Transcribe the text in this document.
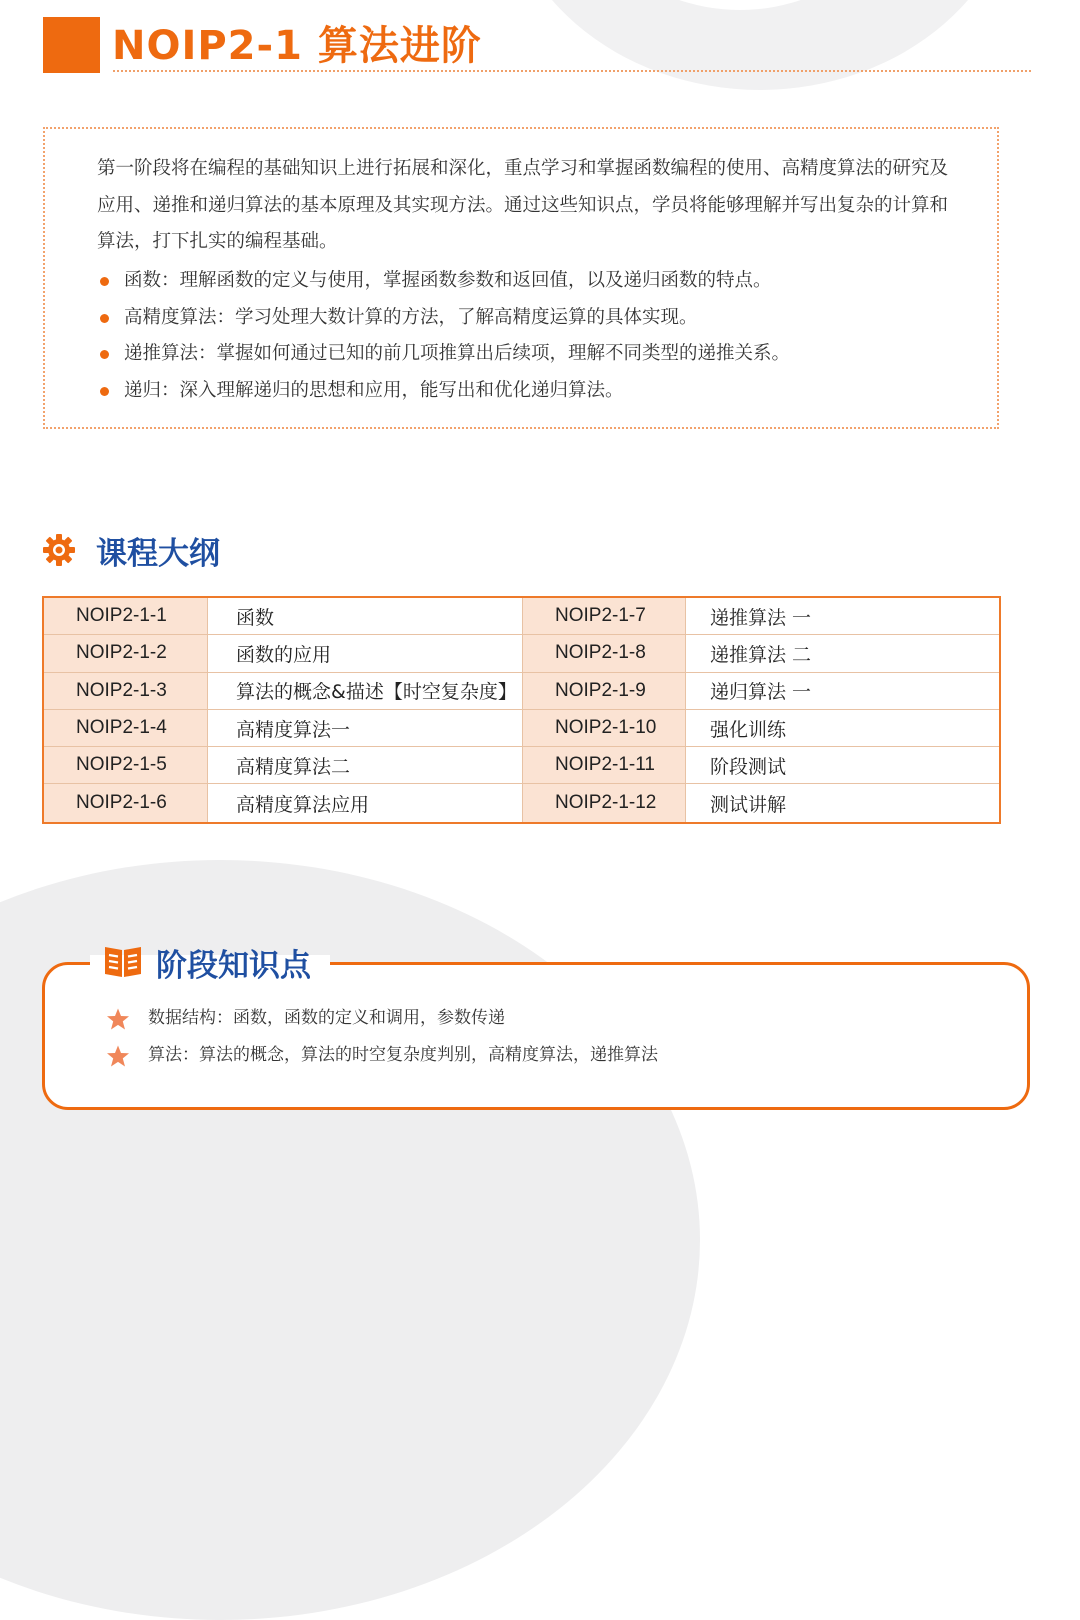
NOIP2-1 算法进阶

第一阶段将在编程的基础知识上进行拓展和深化，重点学习和掌握函数编程的使用、高精度算法的研究及应用、递推和递归算法的基本原理及其实现方法。通过这些知识点，学员将能够理解并写出复杂的计算和算法，打下扎实的编程基础。

函数：理解函数的定义与使用，掌握函数参数和返回值，以及递归函数的特点。
高精度算法：学习处理大数计算的方法，了解高精度运算的具体实现。
递推算法：掌握如何通过已知的前几项推算出后续项，理解不同类型的递推关系。
递归：深入理解递归的思想和应用，能写出和优化递归算法。
课程大纲
NOIP2-1-1	函数	NOIP2-1-7	递推算法 一
NOIP2-1-2	函数的应用	NOIP2-1-8	递推算法 二
NOIP2-1-3	算法的概念&描述【时空复杂度】	NOIP2-1-9	递归算法 一
NOIP2-1-4	高精度算法一	NOIP2-1-10	强化训练
NOIP2-1-5	高精度算法二	NOIP2-1-11	阶段测试
NOIP2-1-6	高精度算法应用	NOIP2-1-12	测试讲解
阶段知识点
数据结构：函数，函数的定义和调用，参数传递
算法：算法的概念，算法的时空复杂度判别，高精度算法，递推算法
